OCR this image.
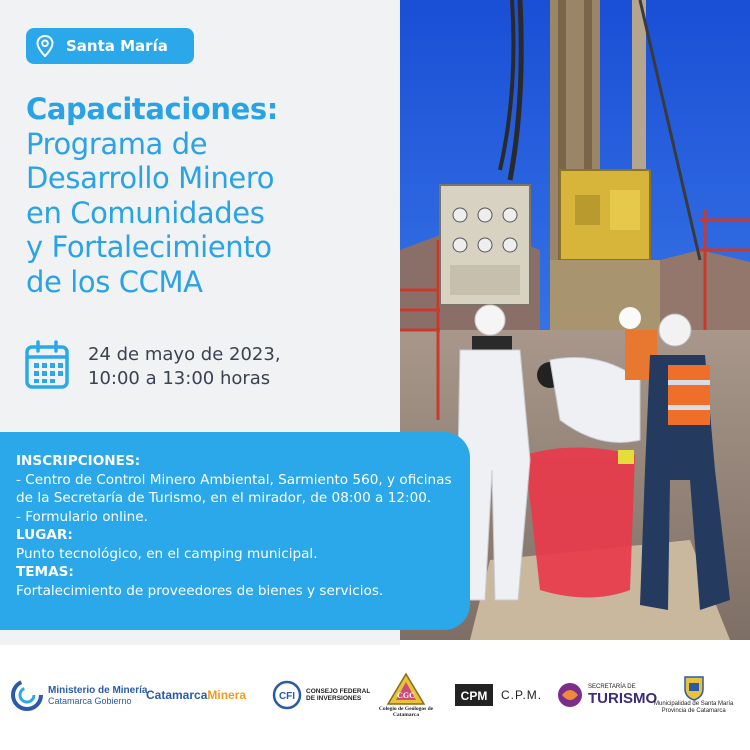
Santa María
Capacitaciones:
Programa de
Desarrollo Minero
en Comunidades
y Fortalecimiento
de los CCMA
24 de mayo de 2023,
10:00 a 13:00 horas
INSCRIPCIONES:
- Centro de Control Minero Ambiental, Sarmiento 560, y oficinas
de la Secretaría de Turismo, en el mirador, de 08:00 a 12:00.
- Formulario online.
LUGAR:
Punto tecnológico, en el camping municipal.
TEMAS:
Fortalecimiento de proveedores de bienes y servicios.
Ministerio de Minería
Catamarca Gobierno	Catamarca Minera	CFI CONSEJO FEDERAL
DE INVERSIONES	CGC
Colegio de Geólogos de
Catamarca
CPM C.P.M.
SECRETARÍA DE
TURISMO
Municipalidad de Santa María
Provincia de Catamarca
